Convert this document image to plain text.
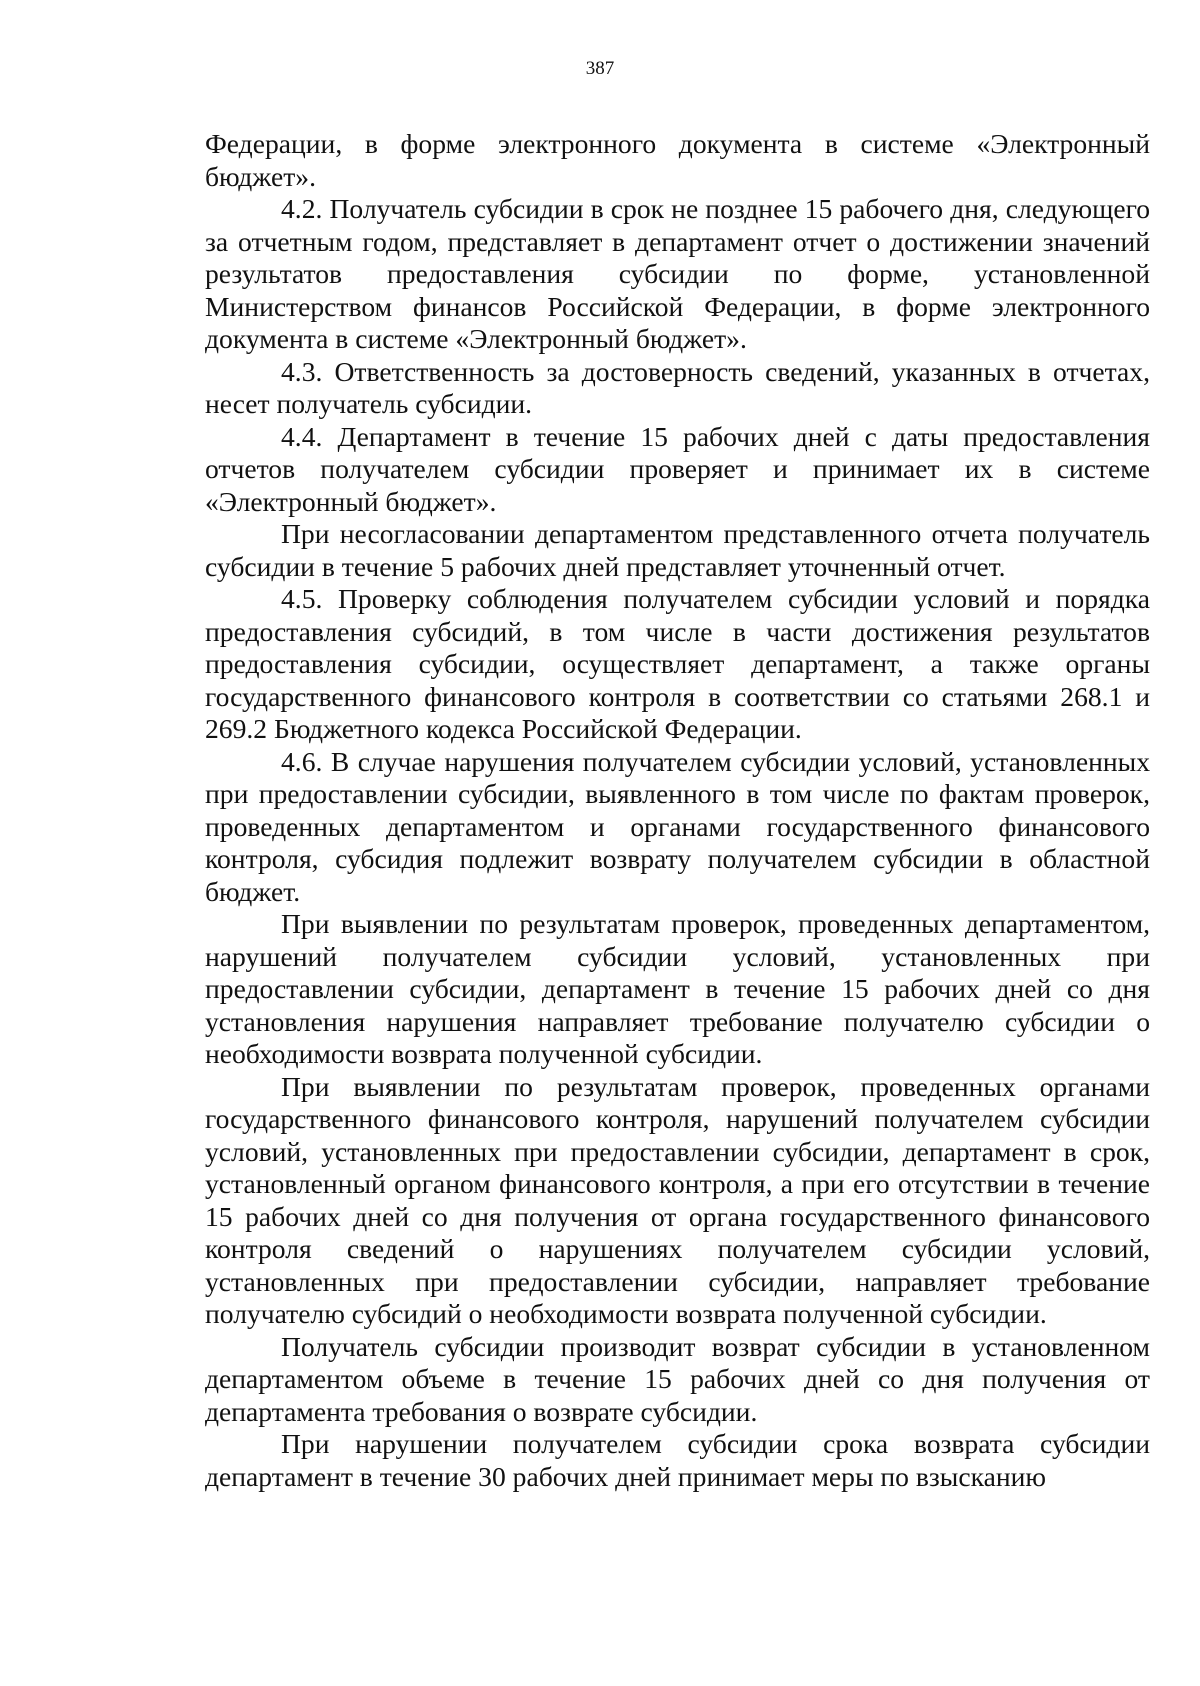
387

Федерации, в форме электронного документа в системе «Электронный бюджет».

4.2. Получатель субсидии в срок не позднее 15 рабочего дня, следующего за отчетным годом, представляет в департамент отчет о достижении значений результатов предоставления субсидии по форме, установленной Министерством финансов Российской Федерации, в форме электронного документа в системе «Электронный бюджет».

4.3. Ответственность за достоверность сведений, указанных в отчетах, несет получатель субсидии.

4.4. Департамент в течение 15 рабочих дней с даты предоставления отчетов получателем субсидии проверяет и принимает их в системе «Электронный бюджет».

При несогласовании департаментом представленного отчета получатель субсидии в течение 5 рабочих дней представляет уточненный отчет.

4.5. Проверку соблюдения получателем субсидии условий и порядка предоставления субсидий, в том числе в части достижения результатов предоставления субсидии, осуществляет департамент, а также органы государственного финансового контроля в соответствии со статьями 268.1 и 269.2 Бюджетного кодекса Российской Федерации.

4.6. В случае нарушения получателем субсидии условий, установленных при предоставлении субсидии, выявленного в том числе по фактам проверок, проведенных департаментом и органами государственного финансового контроля, субсидия подлежит возврату получателем субсидии в областной бюджет.

При выявлении по результатам проверок, проведенных департаментом, нарушений получателем субсидии условий, установленных при предоставлении субсидии, департамент в течение 15 рабочих дней со дня установления нарушения направляет требование получателю субсидии о необходимости возврата полученной субсидии.

При выявлении по результатам проверок, проведенных органами государственного финансового контроля, нарушений получателем субсидии условий, установленных при предоставлении субсидии, департамент в срок, установленный органом финансового контроля, а при его отсутствии в течение 15 рабочих дней со дня получения от органа государственного финансового контроля сведений о нарушениях получателем субсидии условий, установленных при предоставлении субсидии, направляет требование получателю субсидий о необходимости возврата полученной субсидии.

Получатель субсидии производит возврат субсидии в установленном департаментом объеме в течение 15 рабочих дней со дня получения от департамента требования о возврате субсидии.

При нарушении получателем субсидии срока возврата субсидии департамент в течение 30 рабочих дней принимает меры по взысканию
